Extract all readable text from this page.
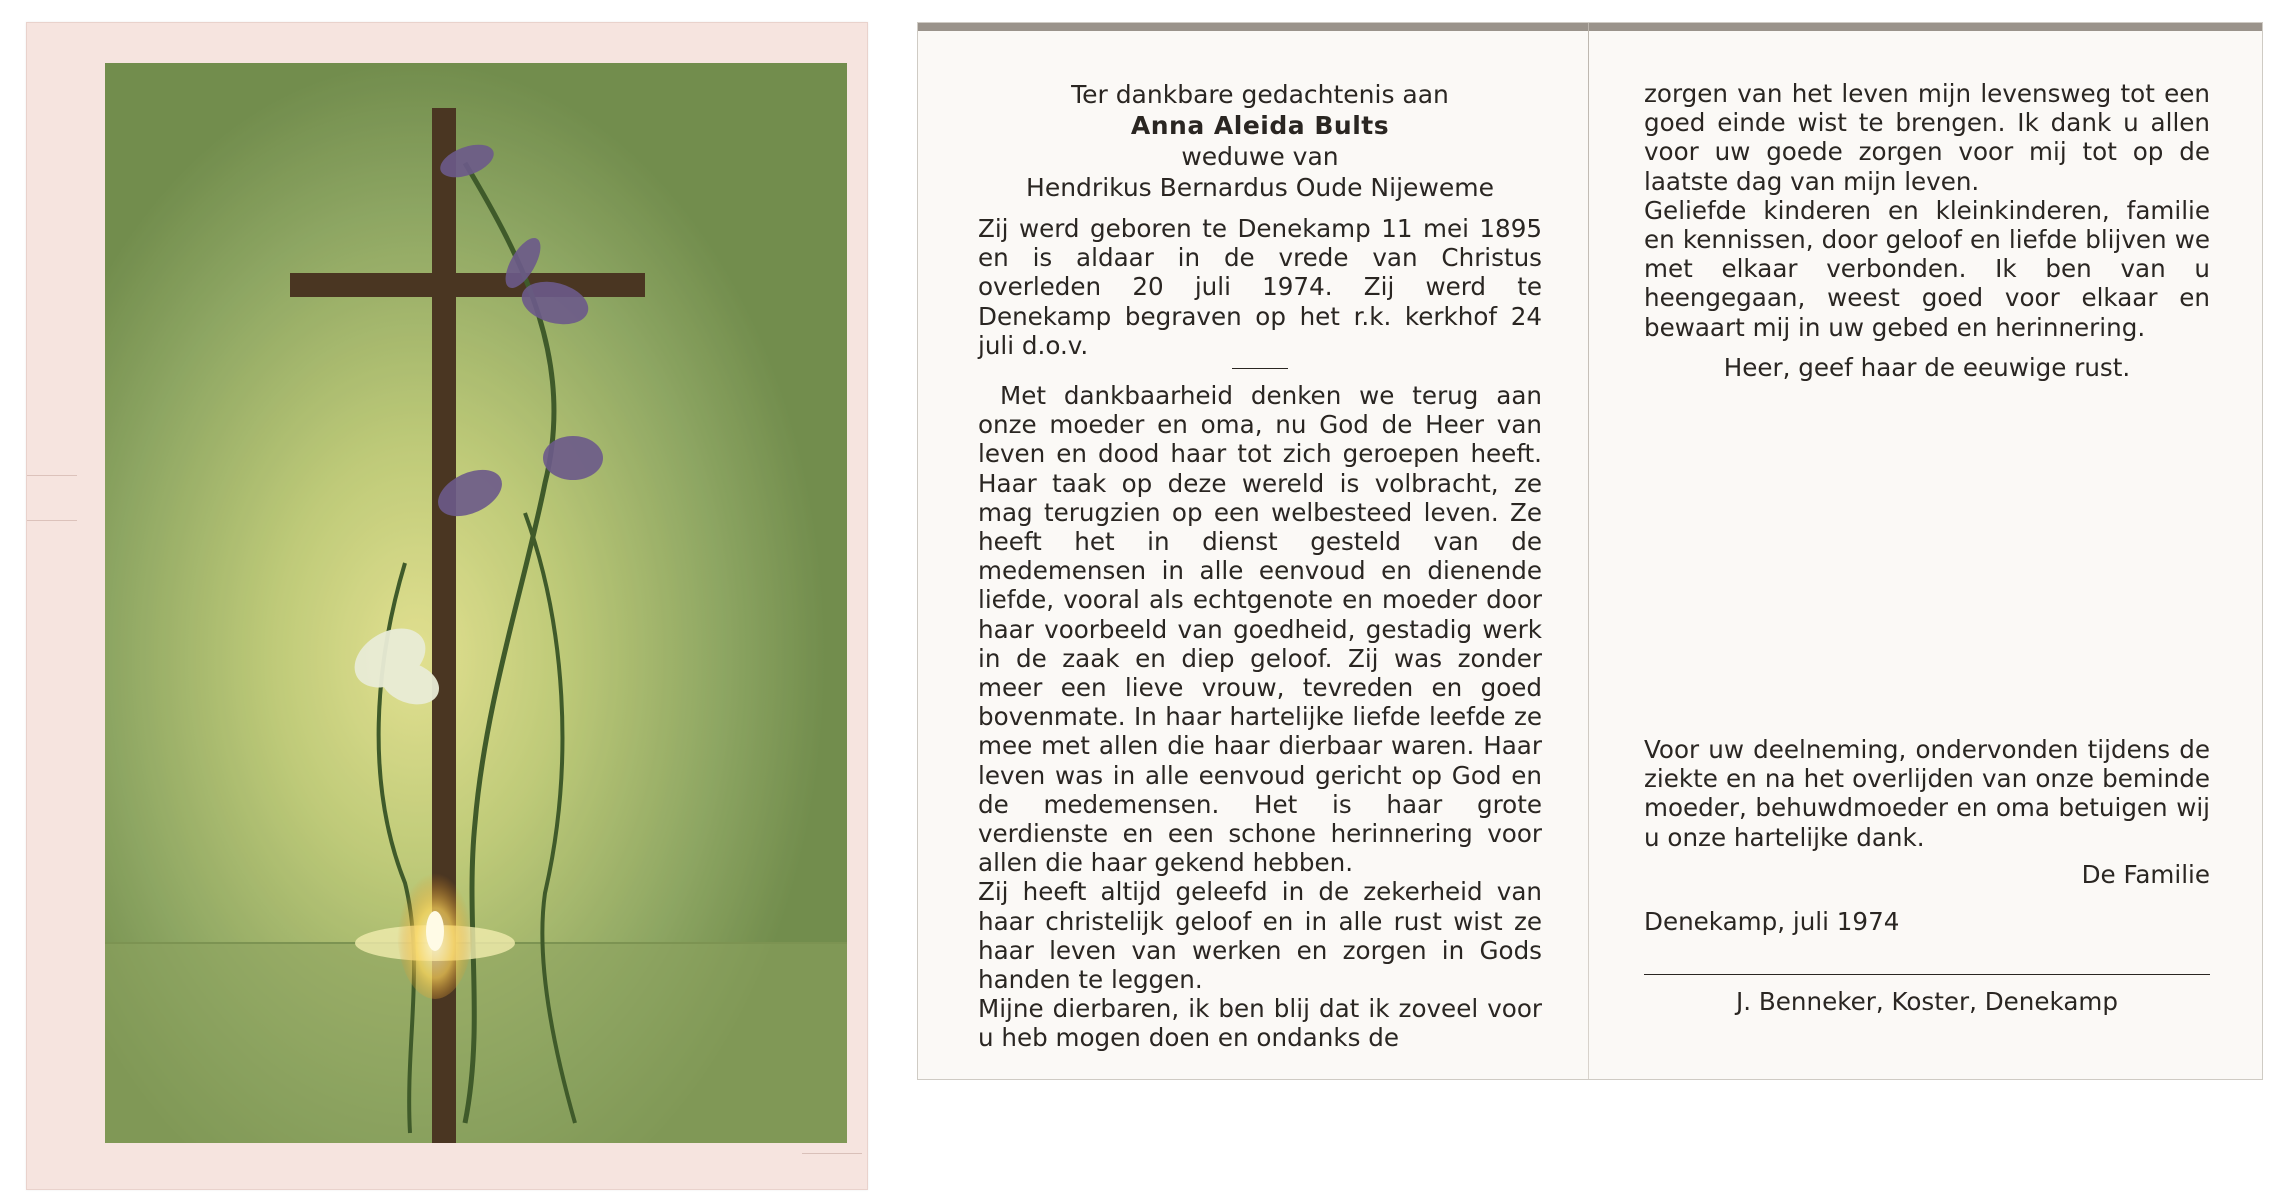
Ter dankbare gedachtenis aan

Anna Aleida Bults

weduwe van

Hendrikus Bernardus Oude Nijeweme

Zij werd geboren te Denekamp 11 mei 1895 en is aldaar in de vrede van Christus overleden 20 juli 1974. Zij werd te Denekamp begraven op het r.k. kerkhof 24 juli d.o.v.

Met dankbaarheid denken we terug aan onze moeder en oma, nu God de Heer van leven en dood haar tot zich geroepen heeft. Haar taak op deze wereld is volbracht, ze mag terugzien op een welbesteed leven. Ze heeft het in dienst gesteld van de medemensen in alle eenvoud en dienende liefde, vooral als echtgenote en moeder door haar voorbeeld van goedheid, gestadig werk in de zaak en diep geloof. Zij was zonder meer een lieve vrouw, tevreden en goed bovenmate. In haar hartelijke liefde leefde ze mee met allen die haar dierbaar waren. Haar leven was in alle eenvoud gericht op God en de medemensen. Het is haar grote verdienste en een schone herinnering voor allen die haar gekend hebben.

Zij heeft altijd geleefd in de zekerheid van haar christelijk geloof en in alle rust wist ze haar leven van werken en zorgen in Gods handen te leggen.

Mijne dierbaren, ik ben blij dat ik zoveel voor u heb mogen doen en ondanks de

zorgen van het leven mijn levensweg tot een goed einde wist te brengen. Ik dank u allen voor uw goede zorgen voor mij tot op de laatste dag van mijn leven.

Geliefde kinderen en kleinkinderen, familie en kennissen, door geloof en liefde blijven we met elkaar verbonden. Ik ben van u heengegaan, weest goed voor elkaar en bewaart mij in uw gebed en herinnering.

Heer, geef haar de eeuwige rust.

Voor uw deelneming, ondervonden tijdens de ziekte en na het overlijden van onze beminde moeder, behuwdmoeder en oma betuigen wij u onze hartelijke dank.

De Familie

Denekamp, juli 1974

J. Benneker, Koster, Denekamp
